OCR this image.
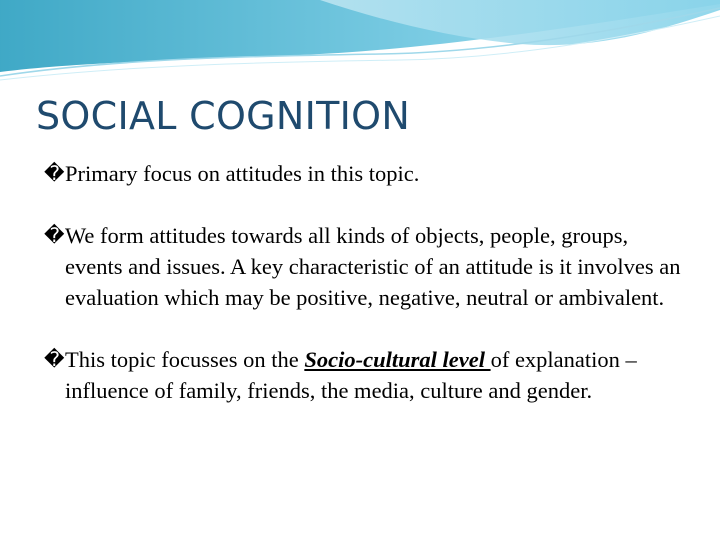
SOCIAL COGNITION
� Primary focus on attitudes in this topic.
� We form attitudes towards all kinds of objects, people, groups, events and issues. A key characteristic of an attitude is it involves an evaluation which may be positive, negative, neutral or ambivalent.
� This topic focusses on the Socio-cultural level of explanation – influence of family, friends, the media, culture and gender.
